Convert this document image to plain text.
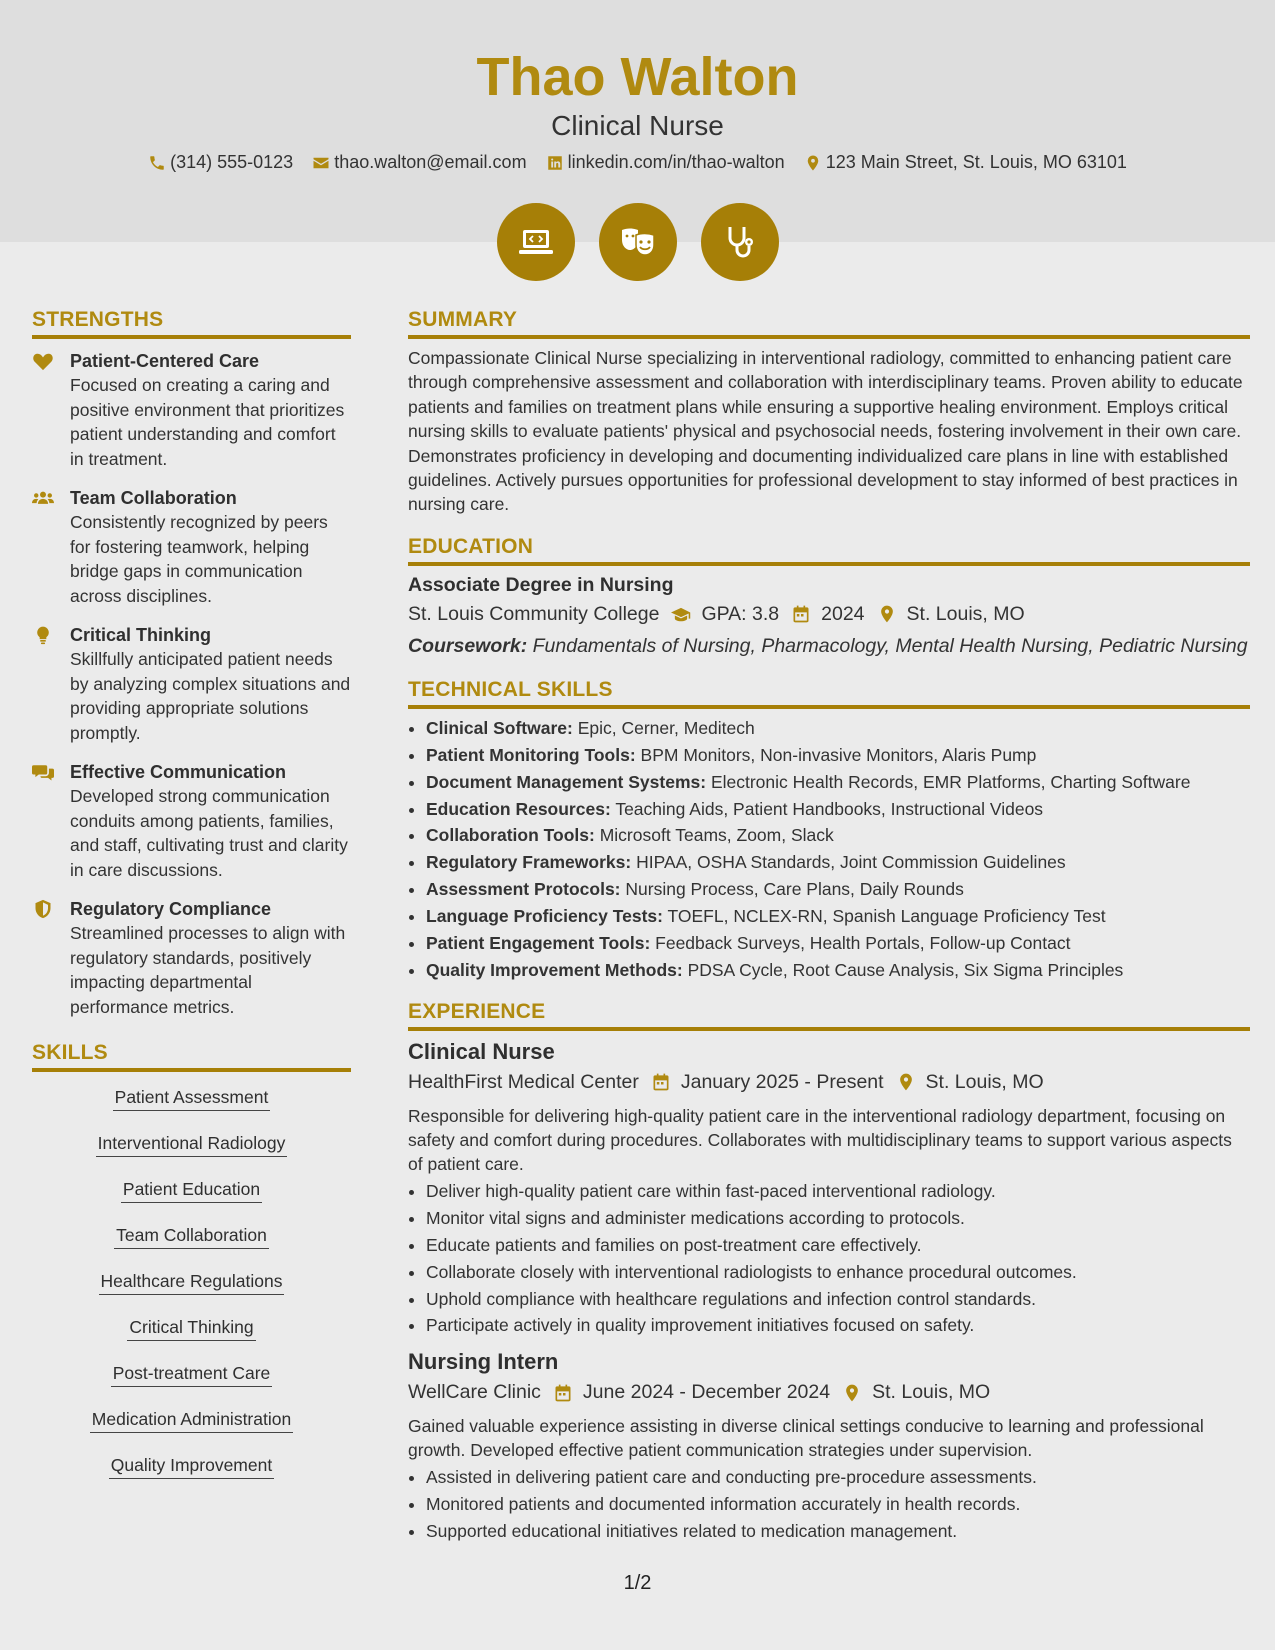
Thao Walton
Clinical Nurse
(314) 555-0123
thao.walton@email.com
linkedin.com/in/thao-walton
123 Main Street, St. Louis, MO 63101

STRENGTHS
Patient-Centered Care
Focused on creating a caring and positive environment that prioritizes patient understanding and comfort in treatment.
Team Collaboration
Consistently recognized by peers for fostering teamwork, helping bridge gaps in communication across disciplines.
Critical Thinking
Skillfully anticipated patient needs by analyzing complex situations and providing appropriate solutions promptly.
Effective Communication
Developed strong communication conduits among patients, families, and staff, cultivating trust and clarity in care discussions.
Regulatory Compliance
Streamlined processes to align with regulatory standards, positively impacting departmental performance metrics.
SKILLS
Patient Assessment
Interventional Radiology
Patient Education
Team Collaboration
Healthcare Regulations
Critical Thinking
Post-treatment Care
Medication Administration
Quality Improvement
SUMMARY
Compassionate Clinical Nurse specializing in interventional radiology, committed to enhancing patient care through comprehensive assessment and collaboration with interdisciplinary teams. Proven ability to educate patients and families on treatment plans while ensuring a supportive healing environment. Employs critical nursing skills to evaluate patients' physical and psychosocial needs, fostering involvement in their own care. Demonstrates proficiency in developing and documenting individualized care plans in line with established guidelines. Actively pursues opportunities for professional development to stay informed of best practices in nursing care.
EDUCATION
Associate Degree in Nursing
St. Louis Community College GPA: 3.8 2024 St. Louis, MO
Coursework: Fundamentals of Nursing, Pharmacology, Mental Health Nursing, Pediatric Nursing
TECHNICAL SKILLS
• Clinical Software: Epic, Cerner, Meditech
• Patient Monitoring Tools: BPM Monitors, Non-invasive Monitors, Alaris Pump
• Document Management Systems: Electronic Health Records, EMR Platforms, Charting Software
• Education Resources: Teaching Aids, Patient Handbooks, Instructional Videos
• Collaboration Tools: Microsoft Teams, Zoom, Slack
• Regulatory Frameworks: HIPAA, OSHA Standards, Joint Commission Guidelines
• Assessment Protocols: Nursing Process, Care Plans, Daily Rounds
• Language Proficiency Tests: TOEFL, NCLEX-RN, Spanish Language Proficiency Test
• Patient Engagement Tools: Feedback Surveys, Health Portals, Follow-up Contact
• Quality Improvement Methods: PDSA Cycle, Root Cause Analysis, Six Sigma Principles
EXPERIENCE
Clinical Nurse
HealthFirst Medical Center January 2025 - Present St. Louis, MO
Responsible for delivering high-quality patient care in the interventional radiology department, focusing on safety and comfort during procedures. Collaborates with multidisciplinary teams to support various aspects of patient care.
• Deliver high-quality patient care within fast-paced interventional radiology.
• Monitor vital signs and administer medications according to protocols.
• Educate patients and families on post-treatment care effectively.
• Collaborate closely with interventional radiologists to enhance procedural outcomes.
• Uphold compliance with healthcare regulations and infection control standards.
• Participate actively in quality improvement initiatives focused on safety.
Nursing Intern
WellCare Clinic June 2024 - December 2024 St. Louis, MO
Gained valuable experience assisting in diverse clinical settings conducive to learning and professional growth. Developed effective patient communication strategies under supervision.
• Assisted in delivering patient care and conducting pre-procedure assessments.
• Monitored patients and documented information accurately in health records.
• Supported educational initiatives related to medication management.
1/2
